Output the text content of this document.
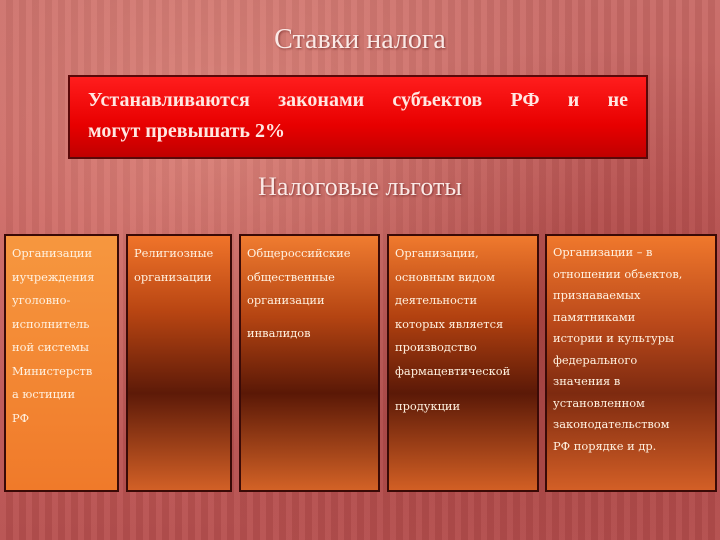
Ставки налога
Устанавливаются законами субъектов РФ и не
могут превышать 2%
Налоговые льготы
Организации
иучреждения
уголовно-
исполнитель
ной системы
Министерств
а юстиции
РФ
Религиозные
организации
Общероссийские
общественные
организации
инвалидов
Организации,
основным видом
деятельности
которых является
производство
фармацевтической
продукции
Организации – в
отношении объектов,
признаваемых
памятниками
истории и культуры
федерального
значения в
установленном
законодательством
РФ порядке и др.
